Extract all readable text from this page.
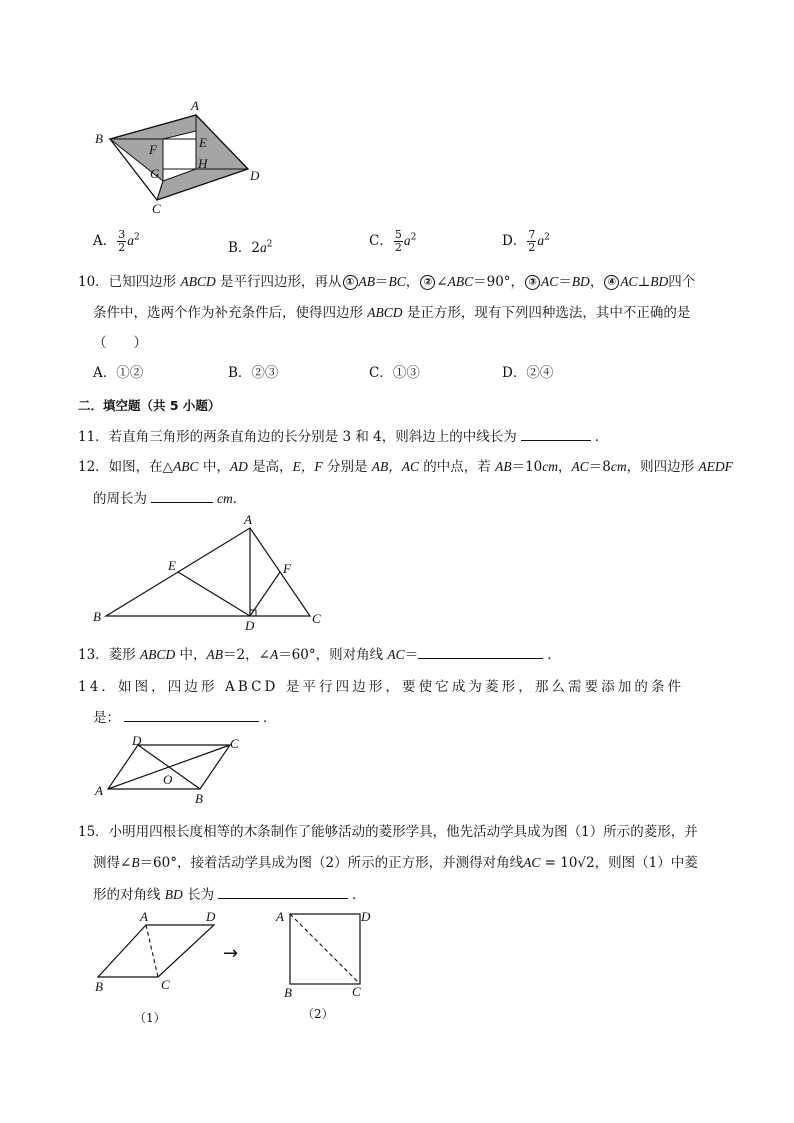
A
B
C
D
E
F
G
H
A． $\frac{3}{2} a^2$
B．$2a^2$	C． $\frac{5}{2} a^2$	D． $\frac{7}{2} a^2$
10．已知四边形 ABCD 是平行四边形，再从 ① AB＝BC， ② ∠ABC＝90°， ③ AC＝BD， ④ AC⊥BD四个
条件中，选两个作为补充条件后，使得四边形 ABCD 是正方形，现有下列四种选法，其中不正确的是
（　　）
A．①②	B．②③	C．①③	D．②④
二．填空题（共 5 小题）
11．若直角三角形的两条直角边的长分别是 3 和 4，则斜边上的中线长为	．
12．如图，在△ABC 中，AD 是高，E，F 分别是 AB，AC 的中点，若 AB＝10cm，AC＝8cm，则四边形 AEDF
的周长为	cm．
A
B	C
D
E	F
13．菱形 ABCD 中，AB＝2，∠A＝60°，则对角线 AC＝	．
14．如图，四边形 ABCD 是平行四边形，要使它成为菱形，那么需要添加的条件
是：	．
D	C
A
B
O
15．小明用四根长度相等的木条制作了能够活动的菱形学具，他先活动学具成为图（1）所示的菱形，并
测得∠B＝60°，接着活动学具成为图（2）所示的正方形，并测得对角线AC = 10√2，则图（1）中菱
形的对角线 BD 长为	．
A	D
B	C
（1）
→
A	D
B	C
（2）
